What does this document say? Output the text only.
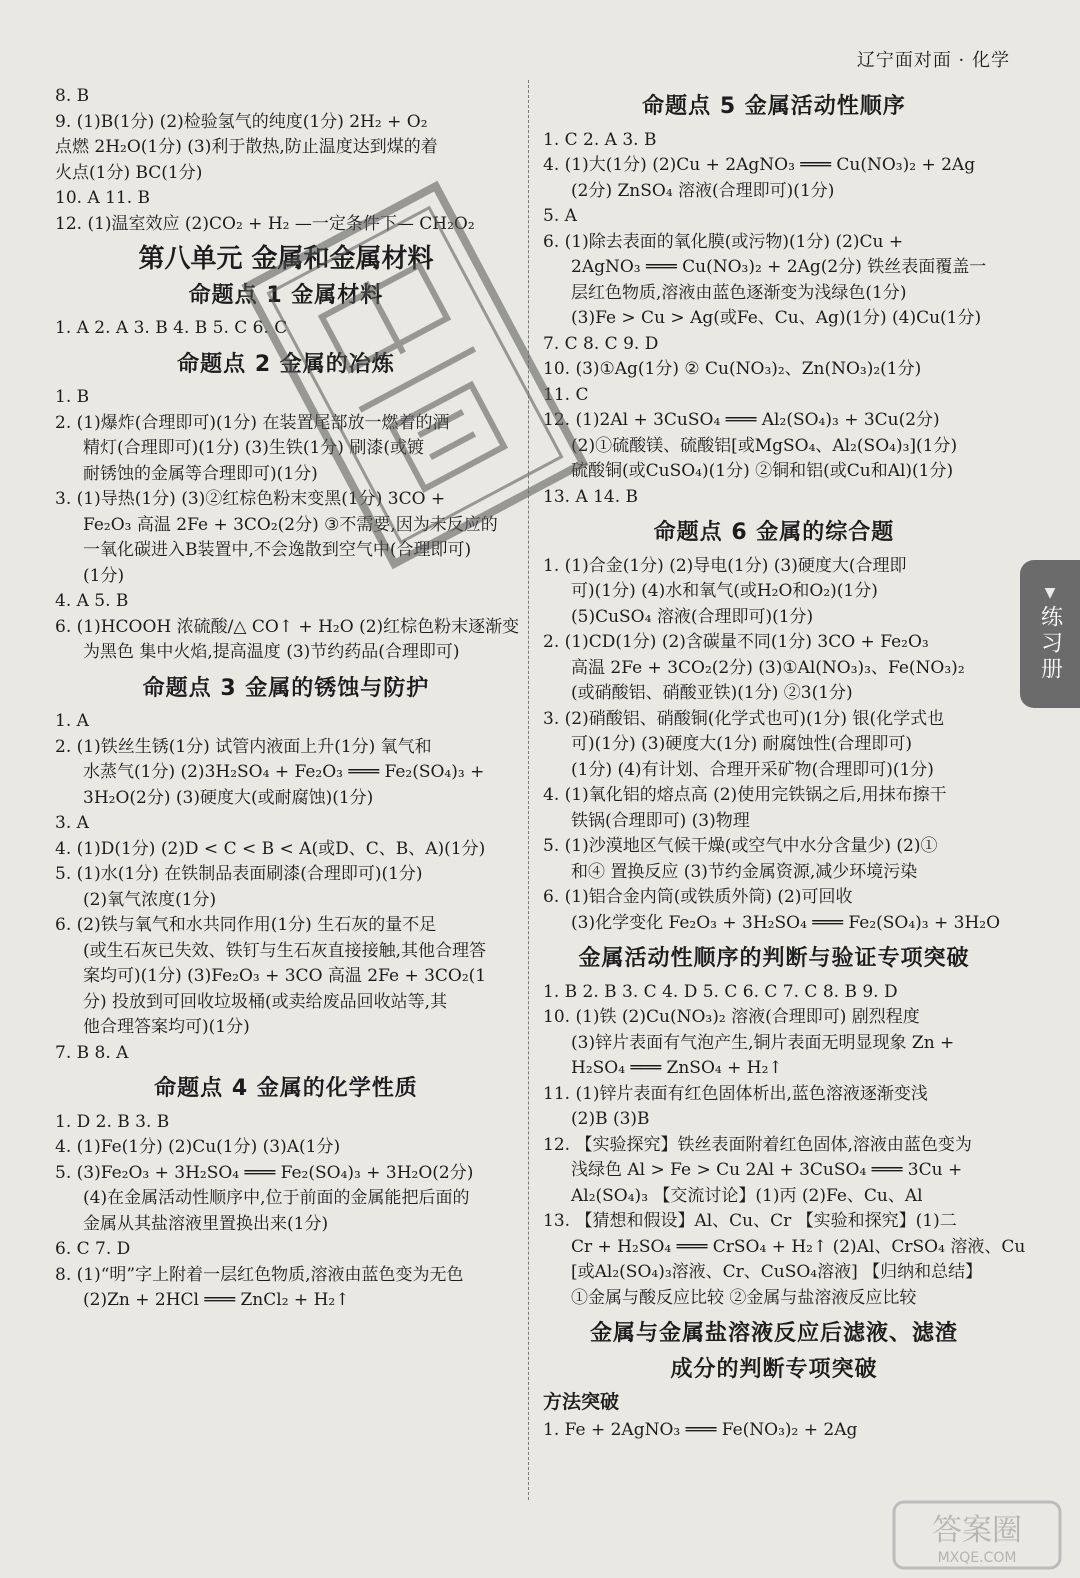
辽宁面对面 · 化学
8. B
9. (1)B(1分) (2)检验氢气的纯度(1分) 2H₂ + O₂
点燃 2H₂O(1分) (3)利于散热,防止温度达到煤的着
火点(1分) BC(1分)
10. A 11. B
12. (1)温室效应 (2)CO₂ + H₂ —一定条件下— CH₂O₂
第八单元 金属和金属材料
命题点 1 金属材料
1. A 2. A 3. B 4. B 5. C 6. C
命题点 2 金属的冶炼
1. B
2. (1)爆炸(合理即可)(1分) 在装置尾部放一燃着的酒
精灯(合理即可)(1分) (3)生铁(1分) 刷漆(或镀
耐锈蚀的金属等合理即可)(1分)
3. (1)导热(1分) (3)②红棕色粉末变黑(1分) 3CO +
Fe₂O₃ 高温 2Fe + 3CO₂(2分) ③不需要,因为未反应的
一氧化碳进入B装置中,不会逸散到空气中(合理即可)
(1分)
4. A 5. B
6. (1)HCOOH 浓硫酸/△ CO↑ + H₂O (2)红棕色粉末逐渐变
为黑色 集中火焰,提高温度 (3)节约药品(合理即可)
命题点 3 金属的锈蚀与防护
1. A
2. (1)铁丝生锈(1分) 试管内液面上升(1分) 氧气和
水蒸气(1分) (2)3H₂SO₄ + Fe₂O₃ ═══ Fe₂(SO₄)₃ +
3H₂O(2分) (3)硬度大(或耐腐蚀)(1分)
3. A
4. (1)D(1分) (2)D < C < B < A(或D、C、B、A)(1分)
5. (1)水(1分) 在铁制品表面刷漆(合理即可)(1分)
(2)氧气浓度(1分)
6. (2)铁与氧气和水共同作用(1分) 生石灰的量不足
(或生石灰已失效、铁钉与生石灰直接接触,其他合理答
案均可)(1分) (3)Fe₂O₃ + 3CO 高温 2Fe + 3CO₂(1
分) 投放到可回收垃圾桶(或卖给废品回收站等,其
他合理答案均可)(1分)
7. B 8. A
命题点 4 金属的化学性质
1. D 2. B 3. B
4. (1)Fe(1分) (2)Cu(1分) (3)A(1分)
5. (3)Fe₂O₃ + 3H₂SO₄ ═══ Fe₂(SO₄)₃ + 3H₂O(2分)
(4)在金属活动性顺序中,位于前面的金属能把后面的
金属从其盐溶液里置换出来(1分)
6. C 7. D
8. (1)“明”字上附着一层红色物质,溶液由蓝色变为无色
(2)Zn + 2HCl ═══ ZnCl₂ + H₂↑
命题点 5 金属活动性顺序
1. C 2. A 3. B
4. (1)大(1分) (2)Cu + 2AgNO₃ ═══ Cu(NO₃)₂ + 2Ag
(2分) ZnSO₄ 溶液(合理即可)(1分)
5. A
6. (1)除去表面的氧化膜(或污物)(1分) (2)Cu +
2AgNO₃ ═══ Cu(NO₃)₂ + 2Ag(2分) 铁丝表面覆盖一
层红色物质,溶液由蓝色逐渐变为浅绿色(1分)
(3)Fe > Cu > Ag(或Fe、Cu、Ag)(1分) (4)Cu(1分)
7. C 8. C 9. D
10. (3)①Ag(1分) ② Cu(NO₃)₂、Zn(NO₃)₂(1分)
11. C
12. (1)2Al + 3CuSO₄ ═══ Al₂(SO₄)₃ + 3Cu(2分)
(2)①硫酸镁、硫酸铝[或MgSO₄、Al₂(SO₄)₃](1分)
硫酸铜(或CuSO₄)(1分) ②铜和铝(或Cu和Al)(1分)
13. A 14. B
命题点 6 金属的综合题
1. (1)合金(1分) (2)导电(1分) (3)硬度大(合理即
可)(1分) (4)水和氧气(或H₂O和O₂)(1分)
(5)CuSO₄ 溶液(合理即可)(1分)
2. (1)CD(1分) (2)含碳量不同(1分) 3CO + Fe₂O₃
高温 2Fe + 3CO₂(2分) (3)①Al(NO₃)₃、Fe(NO₃)₂
(或硝酸铝、硝酸亚铁)(1分) ②3(1分)
3. (2)硝酸铝、硝酸铜(化学式也可)(1分) 银(化学式也
可)(1分) (3)硬度大(1分) 耐腐蚀性(合理即可)
(1分) (4)有计划、合理开采矿物(合理即可)(1分)
4. (1)氧化铝的熔点高 (2)使用完铁锅之后,用抹布擦干
铁锅(合理即可) (3)物理
5. (1)沙漠地区气候干燥(或空气中水分含量少) (2)①
和④ 置换反应 (3)节约金属资源,减少环境污染
6. (1)铝合金内筒(或铁质外筒) (2)可回收
(3)化学变化 Fe₂O₃ + 3H₂SO₄ ═══ Fe₂(SO₄)₃ + 3H₂O
金属活动性顺序的判断与验证专项突破
1. B 2. B 3. C 4. D 5. C 6. C 7. C 8. B 9. D
10. (1)铁 (2)Cu(NO₃)₂ 溶液(合理即可) 剧烈程度
(3)锌片表面有气泡产生,铜片表面无明显现象 Zn +
H₂SO₄ ═══ ZnSO₄ + H₂↑
11. (1)锌片表面有红色固体析出,蓝色溶液逐渐变浅
(2)B (3)B
12. 【实验探究】铁丝表面附着红色固体,溶液由蓝色变为
浅绿色 Al > Fe > Cu 2Al + 3CuSO₄ ═══ 3Cu +
Al₂(SO₄)₃ 【交流讨论】(1)丙 (2)Fe、Cu、Al
13. 【猜想和假设】Al、Cu、Cr 【实验和探究】(1)二
Cr + H₂SO₄ ═══ CrSO₄ + H₂↑ (2)Al、CrSO₄ 溶液、Cu
[或Al₂(SO₄)₃溶液、Cr、CuSO₄溶液] 【归纳和总结】
①金属与酸反应比较 ②金属与盐溶液反应比较
金属与金属盐溶液反应后滤液、滤渣
成分的判断专项突破
方法突破
1. Fe + 2AgNO₃ ═══ Fe(NO₃)₂ + 2Ag
▼
练习册
答案圈
MXQE.COM
